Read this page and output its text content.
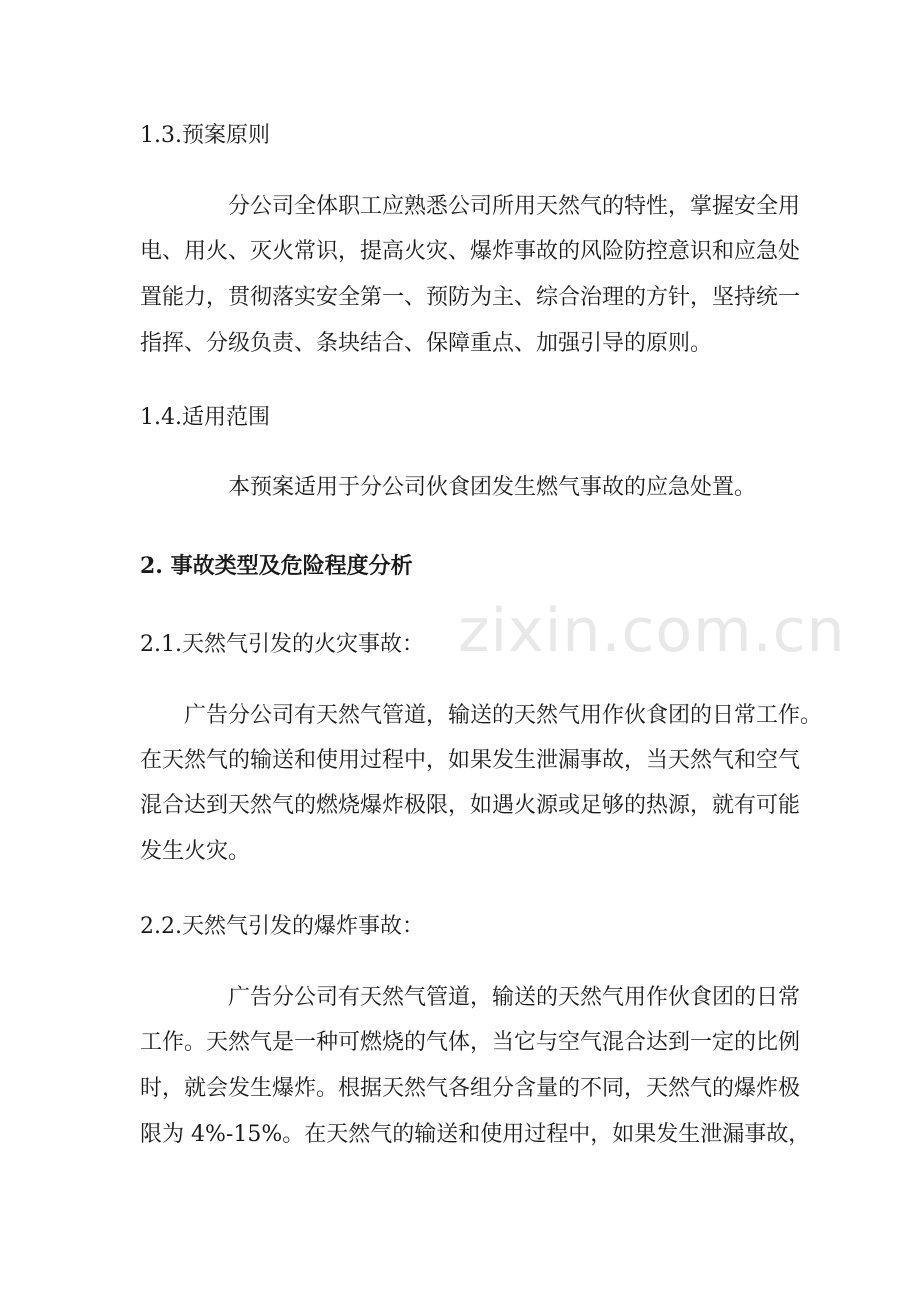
1.3.预案原则
分公司全体职工应熟悉公司所用天然气的特性，掌握安全用
电、用火、灭火常识，提高火灾、爆炸事故的风险防控意识和应急处
置能力，贯彻落实安全第一、预防为主、综合治理的方针，坚持统一
指挥、分级负责、条块结合、保障重点、加强引导的原则。
1.4.适用范围
本预案适用于分公司伙食团发生燃气事故的应急处置。
2. 事故类型及危险程度分析
2.1.天然气引发的火灾事故：
广告分公司有天然气管道，输送的天然气用作伙食团的日常工作。
在天然气的输送和使用过程中，如果发生泄漏事故，当天然气和空气
混合达到天然气的燃烧爆炸极限，如遇火源或足够的热源，就有可能
发生火灾。
2.2.天然气引发的爆炸事故：
广告分公司有天然气管道，输送的天然气用作伙食团的日常
工作。天然气是一种可燃烧的气体，当它与空气混合达到一定的比例
时，就会发生爆炸。根据天然气各组分含量的不同，天然气的爆炸极
限为 4%-15%。在天然气的输送和使用过程中，如果发生泄漏事故，
zixin.com.cn
